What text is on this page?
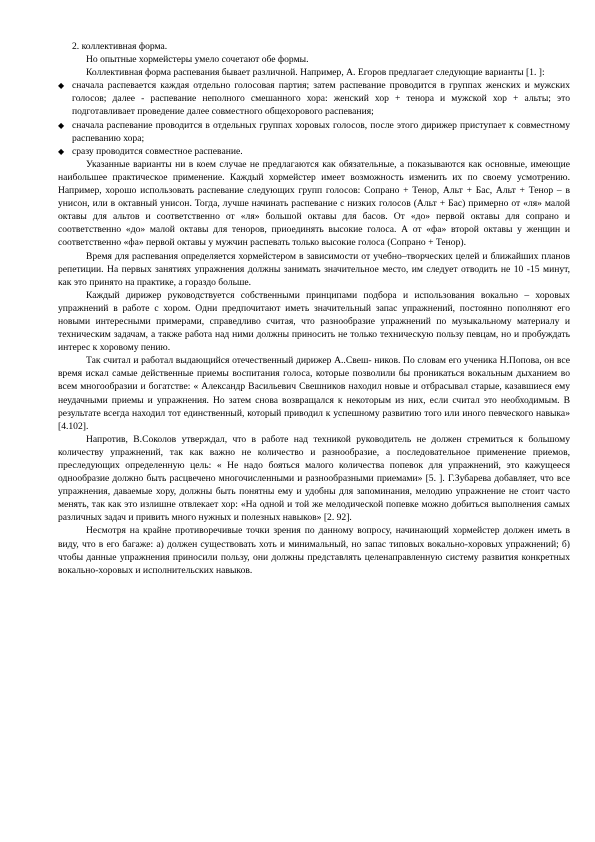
2. коллективная форма.

Но опытные хормейстеры умело сочетают обе формы.

Коллективная форма распевания бывает различной. Например, А. Егоров предлагает следующие варианты [1. ]:

◆ сначала распевается каждая отдельно голосовая партия; затем распевание проводится в группах женских и мужских голосов; далее - распевание неполного смешанного хора: женский хор + тенора и мужской хор + альты; это подготавливает проведение далее совместного общехорового распевания;
◆ сначала распевание проводится в отдельных группах хоровых голосов, после этого дирижер приступает к совместному распеванию хора;
◆ сразу проводится совместное распевание.

Указанные варианты ни в коем случае не предлагаются как обязательные, а показываются как основные, имеющие наибольшее практическое применение. Каждый хормейстер имеет возможность изменить их по своему усмотрению. Например, хорошо использовать распевание следующих групп голосов: Сопрано + Тенор, Альт + Бас, Альт + Тенор – в унисон, или в октавный унисон. Тогда, лучше начинать распевание с низких голосов (Альт + Бас) примерно от «ля» малой октавы для альтов и соответственно от «ля» большой октавы для басов. От «до» первой октавы для сопрано и соответственно «до» малой октавы для теноров, приоединять высокие голоса. А от «фа» второй октавы у женщин и соответственно «фа» первой октавы у мужчин распевать только высокие голоса (Сопрано + Тенор).

Время для распевания определяется хормейстером в зависимости от учебно–творческих целей и ближайших планов репетиции. На первых занятиях упражнения должны занимать значительное место, им следует отводить не 10 -15 минут, как это принято на практике, а гораздо больше.

Каждый дирижер руководствуется собственными принципами подбора и использования вокально – хоровых упражнений в работе с хором. Одни предпочитают иметь значительный запас упражнений, постоянно пополняют его новыми интересными примерами, справедливо считая, что разнообразие упражнений по музыкальному материалу и техническим задачам, а также работа над ними должны приносить не только техническую пользу певцам, но и пробуждать интерес к хоровому пению.

Так считал и работал выдающийся отечественный дирижер А..Свеш- ников. По словам его ученика Н.Попова, он все время искал самые действенные приемы воспитания голоса, которые позволили бы проникаться вокальным дыханием во всем многообразии и богатстве: « Александр Васильевич Свешников находил новые и отбрасывал старые, казавшиеся ему неудачными приемы и упражнения. Но затем снова возвращался к некоторым из них, если считал это необходимым. В результате всегда находил тот единственный, который приводил к успешному развитию того или иного певческого навыка» [4.102].

Напротив, В.Соколов утверждал, что в работе над техникой руководитель не должен стремиться к большому количеству упражнений, так как важно не количество и разнообразие, а последовательное применение приемов, преследующих определенную цель: « Не надо бояться малого количества попевок для упражнений, это кажущееся однообразие должно быть расцвечено многочисленными и разнообразными приемами» [5. ]. Г.Зубарева добавляет, что все упражнения, даваемые хору, должны быть понятны ему и удобны для запоминания, мелодию упражнение не стоит часто менять, так как это излишне отвлекает хор: «На одной и той же мелодической попевке можно добиться выполнения самых различных задач и привить много нужных и полезных навыков» [2. 92].

Несмотря на крайне противоречивые точки зрения по данному вопросу, начинающий хормейстер должен иметь в виду, что в его багаже: а) должен существовать хоть и минимальный, но запас типовых вокально-хоровых упражнений; б) чтобы данные упражнения приносили пользу, они должны представлять целенаправленную систему развития конкретных вокально-хоровых и исполнительских навыков.
